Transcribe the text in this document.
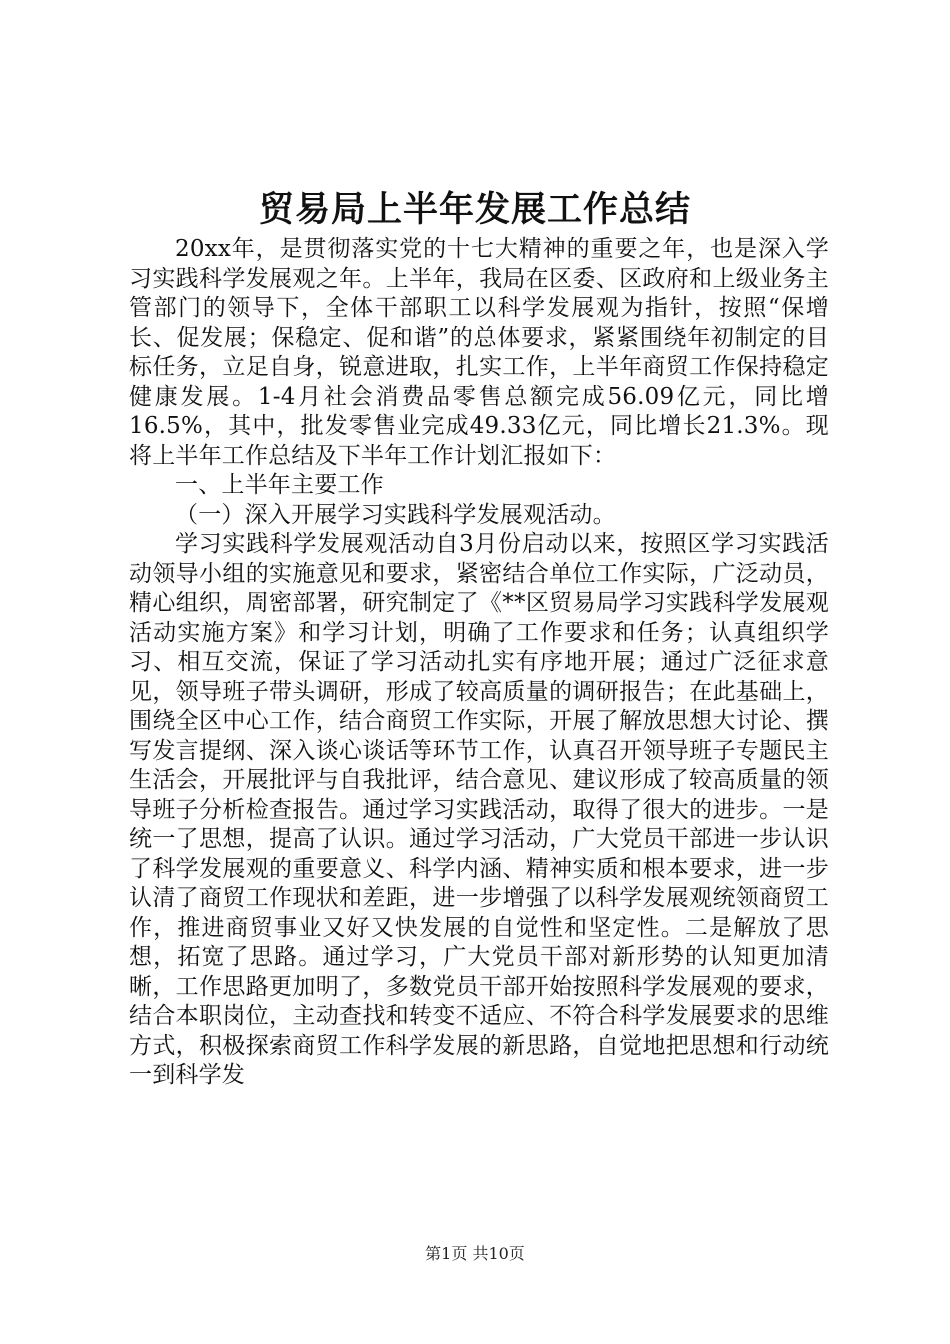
贸易局上半年发展工作总结

20xx年，是贯彻落实党的十七大精神的重要之年，也是深入学习实践科学发展观之年。上半年，我局在区委、区政府和上级业务主管部门的领导下，全体干部职工以科学发展观为指针，按照“保增长、促发展；保稳定、促和谐”的总体要求，紧紧围绕年初制定的目标任务，立足自身，锐意进取，扎实工作，上半年商贸工作保持稳定健康发展。1-4月社会消费品零售总额完成56.09亿元，同比增16.5%，其中，批发零售业完成49.33亿元，同比增长21.3%。现将上半年工作总结及下半年工作计划汇报如下：

一、上半年主要工作

（一）深入开展学习实践科学发展观活动。

学习实践科学发展观活动自3月份启动以来，按照区学习实践活动领导小组的实施意见和要求，紧密结合单位工作实际，广泛动员，精心组织，周密部署，研究制定了《**区贸易局学习实践科学发展观活动实施方案》和学习计划，明确了工作要求和任务；认真组织学习、相互交流，保证了学习活动扎实有序地开展；通过广泛征求意见，领导班子带头调研，形成了较高质量的调研报告；在此基础上，围绕全区中心工作，结合商贸工作实际，开展了解放思想大讨论、撰写发言提纲、深入谈心谈话等环节工作，认真召开领导班子专题民主生活会，开展批评与自我批评，结合意见、建议形成了较高质量的领导班子分析检查报告。通过学习实践活动，取得了很大的进步。一是统一了思想，提高了认识。通过学习活动，广大党员干部进一步认识了科学发展观的重要意义、科学内涵、精神实质和根本要求，进一步认清了商贸工作现状和差距，进一步增强了以科学发展观统领商贸工作，推进商贸事业又好又快发展的自觉性和坚定性。二是解放了思想，拓宽了思路。通过学习，广大党员干部对新形势的认知更加清晰，工作思路更加明了，多数党员干部开始按照科学发展观的要求，结合本职岗位，主动查找和转变不适应、不符合科学发展要求的思维方式，积极探索商贸工作科学发展的新思路，自觉地把思想和行动统一到科学发

第1页 共10页
